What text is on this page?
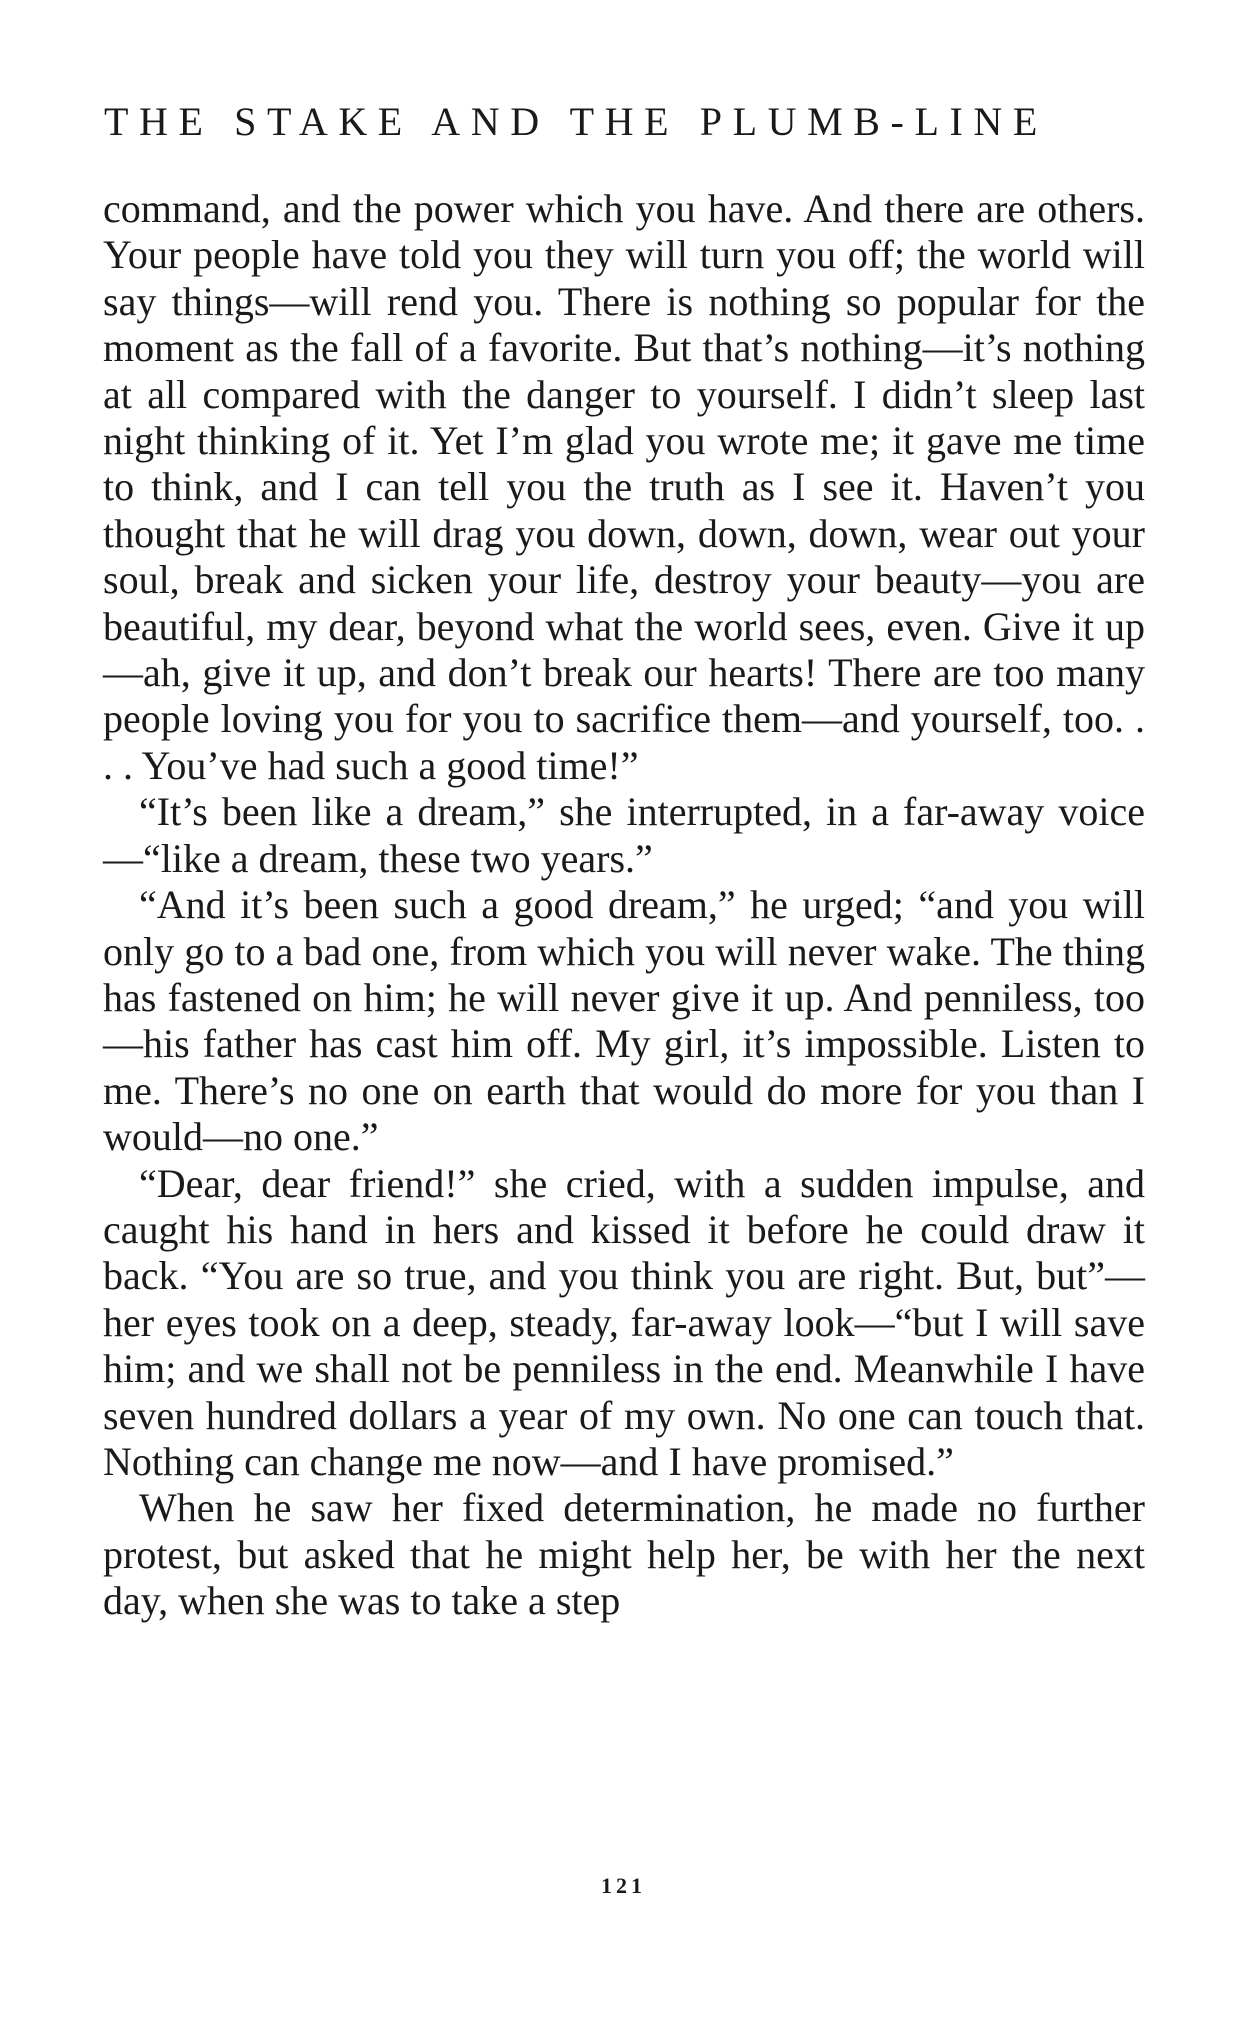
THE STAKE AND THE PLUMB-LINE

command, and the power which you have. And there are others. Your people have told you they will turn you off; the world will say things—will rend you. There is nothing so popular for the moment as the fall of a favorite. But that’s nothing—it’s nothing at all compared with the danger to yourself. I didn’t sleep last night thinking of it. Yet I’m glad you wrote me; it gave me time to think, and I can tell you the truth as I see it. Haven’t you thought that he will drag you down, down, down, wear out your soul, break and sicken your life, destroy your beauty—you are beautiful, my dear, beyond what the world sees, even. Give it up—ah, give it up, and don’t break our hearts! There are too many people loving you for you to sacrifice them—and yourself, too. . . . You’ve had such a good time!”

“It’s been like a dream,” she interrupted, in a far-away voice—“like a dream, these two years.”

“And it’s been such a good dream,” he urged; “and you will only go to a bad one, from which you will never wake. The thing has fastened on him; he will never give it up. And penniless, too—his father has cast him off. My girl, it’s impossible. Listen to me. There’s no one on earth that would do more for you than I would—no one.”

“Dear, dear friend!” she cried, with a sudden impulse, and caught his hand in hers and kissed it before he could draw it back. “You are so true, and you think you are right. But, but”—her eyes took on a deep, steady, far-away look—“but I will save him; and we shall not be penniless in the end. Meanwhile I have seven hundred dollars a year of my own. No one can touch that. Nothing can change me now—and I have promised.”

When he saw her fixed determination, he made no further protest, but asked that he might help her, be with her the next day, when she was to take a step

121
